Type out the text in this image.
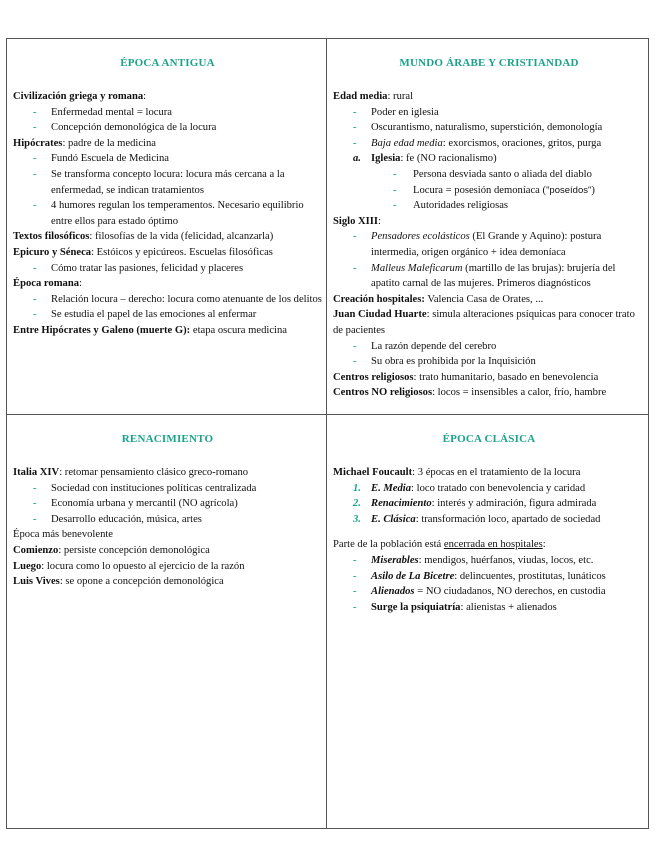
ÉPOCA ANTIGUA
Civilización griega y romana:
- Enfermedad mental = locura
- Concepción demonológica de la locura
Hipócrates: padre de la medicina
- Fundó Escuela de Medicina
- Se transforma concepto locura: locura más cercana a la enfermedad, se indican tratamientos
- 4 humores regulan los temperamentos. Necesario equilibrio entre ellos para estado óptimo
Textos filosóficos: filosofías de la vida (felicidad, alcanzarla)
Epicuro y Séneca: Estóicos y epicúreos. Escuelas filosóficas
- Cómo tratar las pasiones, felicidad y placeres
Época romana:
- Relación locura – derecho: locura como atenuante de los delitos
- Se estudia el papel de las emociones al enfermar
Entre Hipócrates y Galeno (muerte G): etapa oscura medicina
MUNDO ÁRABE Y CRISTIANDAD
Edad media: rural
- Poder en iglesia
- Oscurantismo, naturalismo, superstición, demonología
- Baja edad media: exorcismos, oraciones, gritos, purga
a. Iglesia: fe (NO racionalismo)
- Persona desviada santo o aliada del diablo
- Locura = posesión demoníaca ("poseídos")
- Autoridades religiosas
Siglo XIII:
- Pensadores ecolásticos (El Grande y Aquino): postura intermedia, origen orgánico + idea demoníaca
- Malleus Maleficarum (martillo de las brujas): brujería del apatito carnal de las mujeres. Primeros diagnósticos
Creación hospitales: Valencia Casa de Orates, ...
Juan Ciudad Huarte: simula alteraciones psíquicas para conocer trato de pacientes
- La razón depende del cerebro
- Su obra es prohibida por la Inquisición
Centros religiosos: trato humanitario, basado en benevolencia
Centros NO religiosos: locos = insensibles a calor, frío, hambre
RENACIMIENTO
Italia XIV: retomar pensamiento clásico greco-romano
- Sociedad con instituciones políticas centralizada
- Economía urbana y mercantil (NO agrícola)
- Desarrollo educación, música, artes
Época más benevolente
Comienzo: persiste concepción demonológica
Luego: locura como lo opuesto al ejercicio de la razón
Luis Vives: se opone a concepción demonológica
ÉPOCA CLÁSICA
Michael Foucault: 3 épocas en el tratamiento de la locura
1. E. Media: loco tratado con benevolencia y caridad
2. Renacimiento: interés y admiración, figura admirada
3. E. Clásica: transformación loco, apartado de sociedad
Parte de la población está encerrada en hospitales:
- Miserables: mendigos, huérfanos, viudas, locos, etc.
- Asilo de La Bicetre: delincuentes, prostitutas, lunáticos
- Alienados = NO ciudadanos, NO derechos, en custodia
- Surge la psiquiatría: alienistas + alienados
